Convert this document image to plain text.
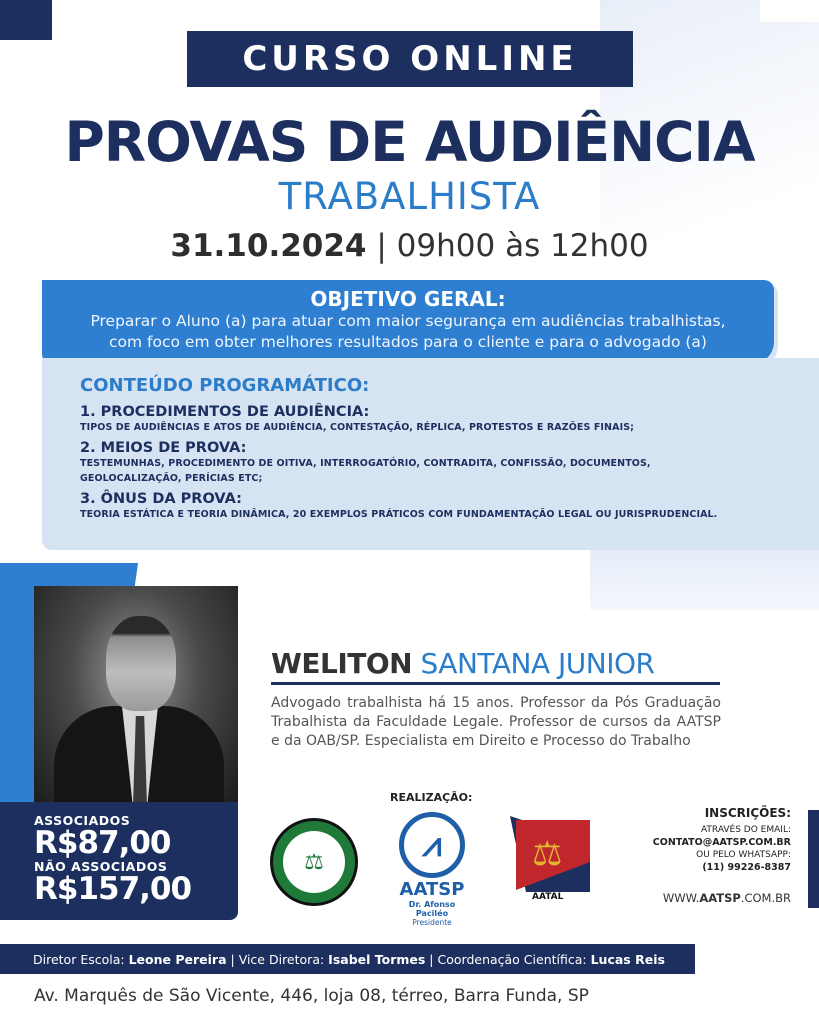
CURSO ONLINE
PROVAS DE AUDIÊNCIA
TRABALHISTA
31.10.2024 | 09h00 às 12h00
OBJETIVO GERAL:
Preparar o Aluno (a) para atuar com maior segurança em audiências trabalhistas,
com foco em obter melhores resultados para o cliente e para o advogado (a)
CONTEÚDO PROGRAMÁTICO:
1. PROCEDIMENTOS DE AUDIÊNCIA:
TIPOS DE AUDIÊNCIAS E ATOS DE AUDIÊNCIA, CONTESTAÇÃO, RÉPLICA, PROTESTOS E RAZÕES FINAIS;
2. MEIOS DE PROVA:
TESTEMUNHAS, PROCEDIMENTO DE OITIVA, INTERROGATÓRIO, CONTRADITA, CONFISSÃO, DOCUMENTOS,
GEOLOCALIZAÇÃO, PERÍCIAS ETC;
3. ÔNUS DA PROVA:
TEORIA ESTÁTICA E TEORIA DINÂMICA, 20 EXEMPLOS PRÁTICOS COM FUNDAMENTAÇÃO LEGAL OU JURISPRUDENCIAL.
ASSOCIADOS
R$87,00
NÃO ASSOCIADOS
R$157,00
WELITON SANTANA JUNIOR
Advogado trabalhista há 15 anos. Professor da Pós Graduação Trabalhista da Faculdade Legale. Professor de cursos da AATSP e da OAB/SP. Especialista em Direito e Processo do Trabalho
REALIZAÇÃO:
⚖	⩘
AATSP
Dr. Afonso Paciléo
Presidente
⚖
AATAL
INSCRIÇÕES:
ATRAVÉS DO EMAIL:
CONTATO@AATSP.COM.BR
OU PELO WHATSAPP:
(11) 99226-8387
WWW.AATSP.COM.BR
Diretor Escola:
Leone Pereira | Vice Diretora:
Isabel Tormes | Coordenação Científica:
Lucas Reis
Av. Marquês de São Vicente, 446, loja 08, térreo, Barra Funda, SP
